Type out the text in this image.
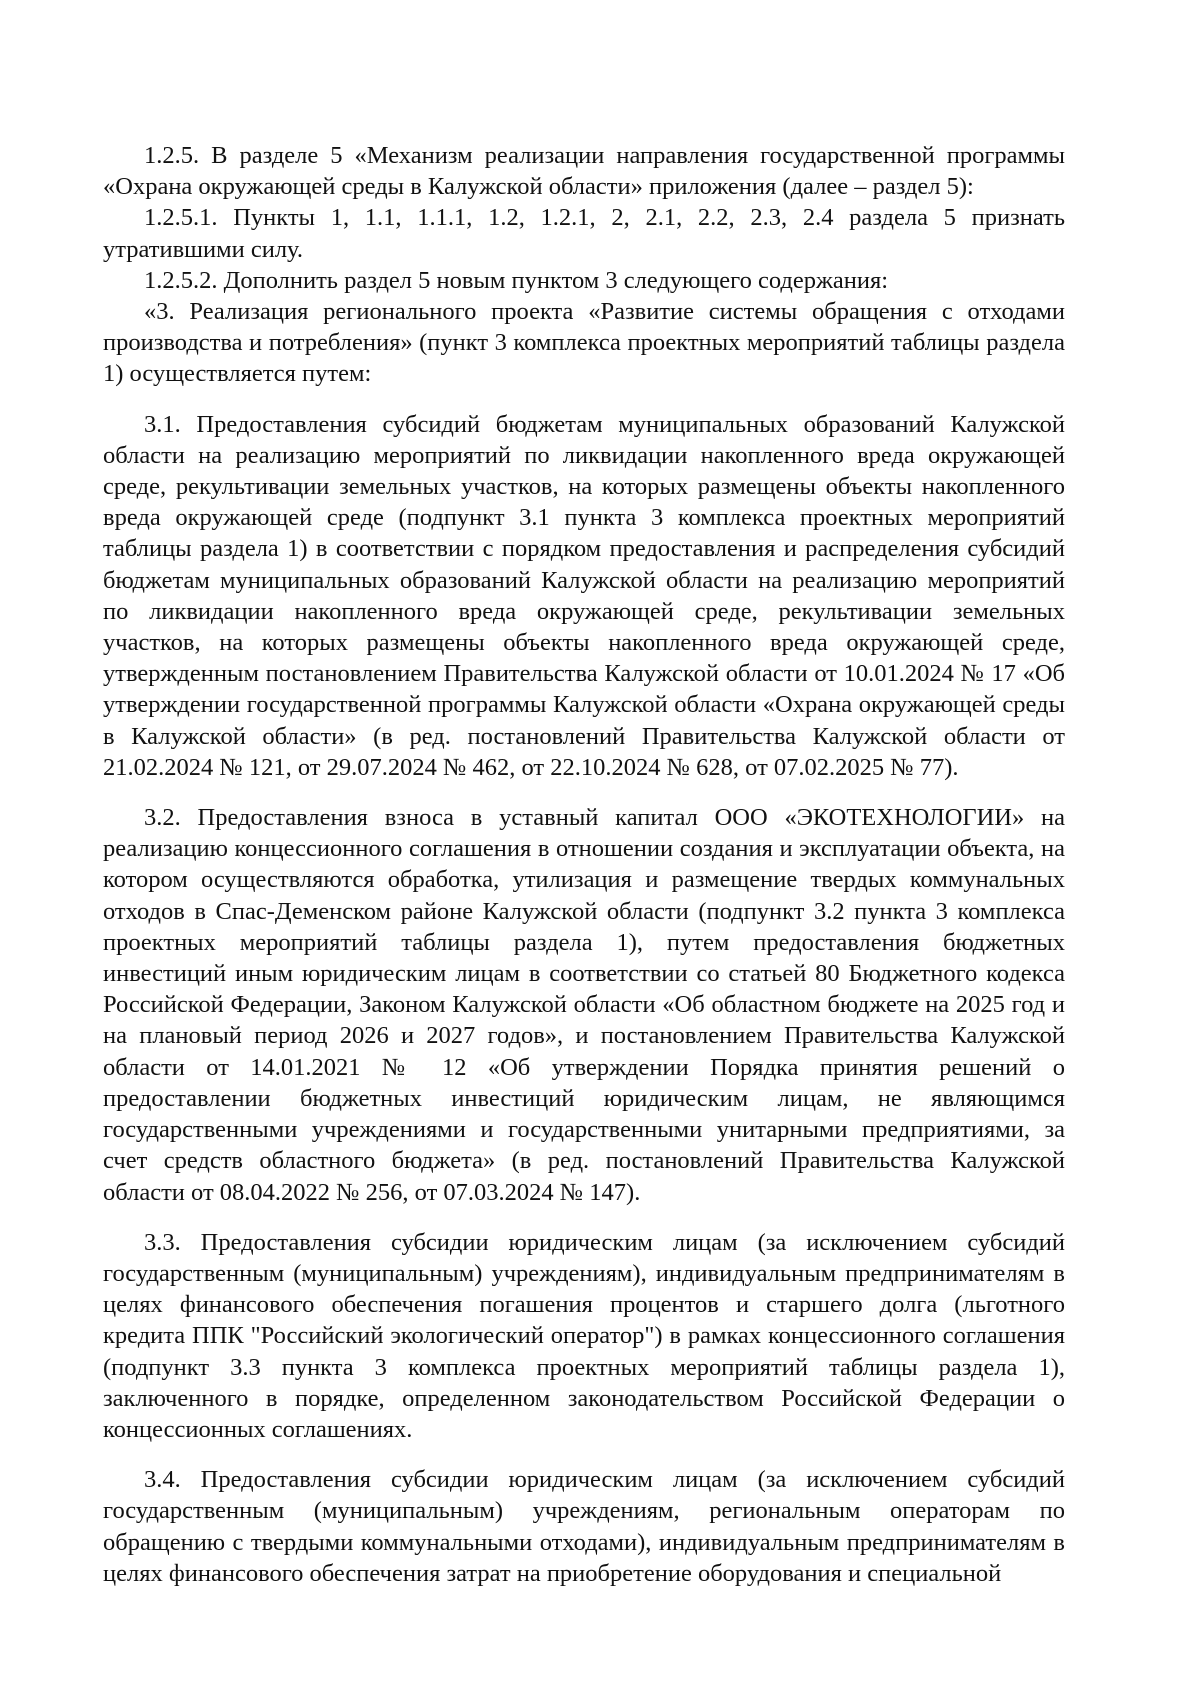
1.2.5. В разделе 5 «Механизм реализации направления государственной программы «Охрана окружающей среды в Калужской области» приложения (далее – раздел 5):

1.2.5.1. Пункты 1, 1.1, 1.1.1, 1.2, 1.2.1, 2, 2.1, 2.2, 2.3, 2.4 раздела 5 признать утратившими силу.

1.2.5.2. Дополнить раздел 5 новым пунктом 3 следующего содержания:

«3. Реализация регионального проекта «Развитие системы обращения с отходами производства и потребления» (пункт 3 комплекса проектных мероприятий таблицы раздела 1) осуществляется путем:

3.1. Предоставления субсидий бюджетам муниципальных образований Калужской области на реализацию мероприятий по ликвидации накопленного вреда окружающей среде, рекультивации земельных участков, на которых размещены объекты накопленного вреда окружающей среде (подпункт 3.1 пункта 3 комплекса проектных мероприятий таблицы раздела 1) в соответствии с порядком предоставления и распределения субсидий бюджетам муниципальных образований Калужской области на реализацию мероприятий по ликвидации накопленного вреда окружающей среде, рекультивации земельных участков, на которых размещены объекты накопленного вреда окружающей среде, утвержденным постановлением Правительства Калужской области от 10.01.2024 № 17 «Об утверждении государственной программы Калужской области «Охрана окружающей среды в Калужской области» (в ред. постановлений Правительства Калужской области от 21.02.2024 № 121, от 29.07.2024 № 462, от 22.10.2024 № 628, от 07.02.2025 № 77).

3.2. Предоставления взноса в уставный капитал ООО «ЭКОТЕХНОЛОГИИ» на реализацию концессионного соглашения в отношении создания и эксплуатации объекта, на котором осуществляются обработка, утилизация и размещение твердых коммунальных отходов в Спас-Деменском районе Калужской области (подпункт 3.2 пункта 3 комплекса проектных мероприятий таблицы раздела 1), путем предоставления бюджетных инвестиций иным юридическим лицам в соответствии со статьей 80 Бюджетного кодекса Российской Федерации, Законом Калужской области «Об областном бюджете на 2025 год и на плановый период 2026 и 2027 годов», и постановлением Правительства Калужской области от 14.01.2021 № 12 «Об утверждении Порядка принятия решений о предоставлении бюджетных инвестиций юридическим лицам, не являющимся государственными учреждениями и государственными унитарными предприятиями, за счет средств областного бюджета» (в ред. постановлений Правительства Калужской области от 08.04.2022 № 256, от 07.03.2024 № 147).

3.3. Предоставления субсидии юридическим лицам (за исключением субсидий государственным (муниципальным) учреждениям), индивидуальным предпринимателям в целях финансового обеспечения погашения процентов и старшего долга (льготного кредита ППК "Российский экологический оператор") в рамках концессионного соглашения (подпункт 3.3 пункта 3 комплекса проектных мероприятий таблицы раздела 1), заключенного в порядке, определенном законодательством Российской Федерации о концессионных соглашениях.

3.4. Предоставления субсидии юридическим лицам (за исключением субсидий государственным (муниципальным) учреждениям, региональным операторам по обращению с твердыми коммунальными отходами), индивидуальным предпринимателям в целях финансового обеспечения затрат на приобретение оборудования и специальной
